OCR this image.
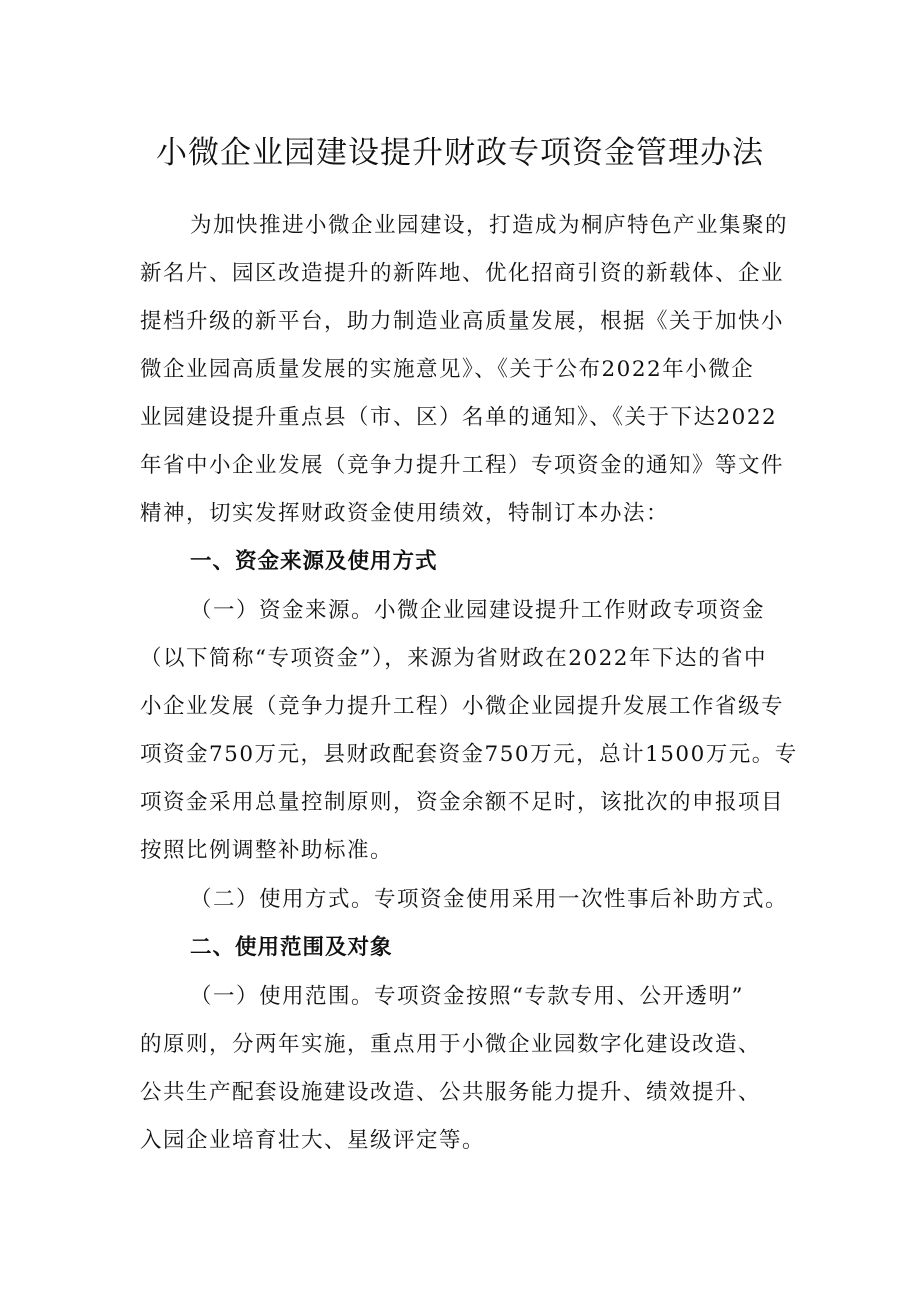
小微企业园建设提升财政专项资金管理办法
为加快推进小微企业园建设，打造成为桐庐特色产业集聚的
新名片、园区改造提升的新阵地、优化招商引资的新载体、企业
提档升级的新平台，助力制造业高质量发展，根据《关于加快小
微企业园高质量发展的实施意见》、《关于公布2022年小微企
业园建设提升重点县（市、区）名单的通知》、《关于下达2022
年省中小企业发展（竞争力提升工程）专项资金的通知》等文件
精神，切实发挥财政资金使用绩效，特制订本办法：
一、资金来源及使用方式
（一）资金来源。小微企业园建设提升工作财政专项资金
（以下简称“专项资金”），来源为省财政在2022年下达的省中
小企业发展（竞争力提升工程）小微企业园提升发展工作省级专
项资金750万元，县财政配套资金750万元，总计1500万元。专
项资金采用总量控制原则，资金余额不足时，该批次的申报项目
按照比例调整补助标准。
（二）使用方式。专项资金使用采用一次性事后补助方式。
二、使用范围及对象
（一）使用范围。专项资金按照“专款专用、公开透明”
的原则，分两年实施，重点用于小微企业园数字化建设改造、
公共生产配套设施建设改造、公共服务能力提升、绩效提升、
入园企业培育壮大、星级评定等。
